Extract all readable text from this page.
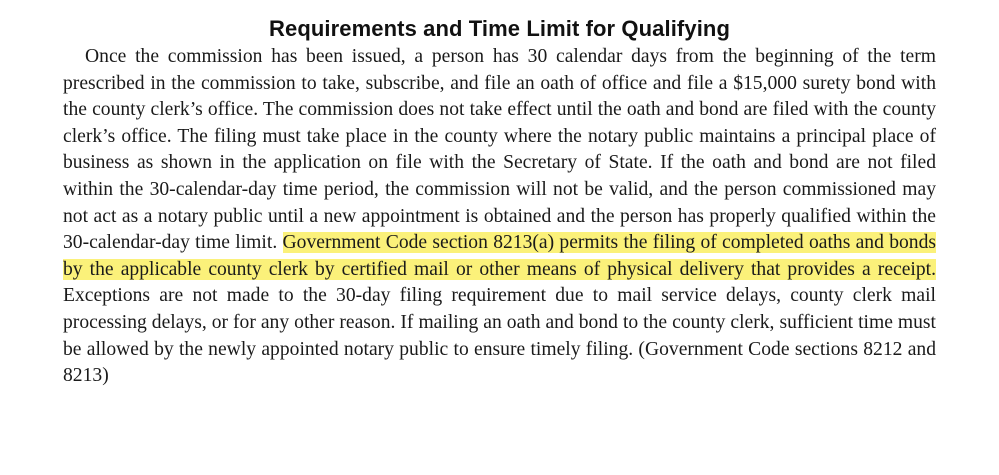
Requirements and Time Limit for Qualifying

Once the commission has been issued, a person has 30 calendar days from the beginning of the term prescribed in the commission to take, subscribe, and file an oath of office and file a $15,000 surety bond with the county clerk’s office. The commission does not take effect until the oath and bond are filed with the county clerk’s office. The filing must take place in the county where the notary public maintains a principal place of business as shown in the application on file with the Secretary of State. If the oath and bond are not filed within the 30-calendar-day time period, the commission will not be valid, and the person commissioned may not act as a notary public until a new appointment is obtained and the person has properly qualified within the 30-calendar-day time limit. Government Code section 8213(a) permits the filing of completed oaths and bonds by the applicable county clerk by certified mail or other means of physical delivery that provides a receipt. Exceptions are not made to the 30-day filing requirement due to mail service delays, county clerk mail processing delays, or for any other reason. If mailing an oath and bond to the county clerk, sufficient time must be allowed by the newly appointed notary public to ensure timely filing. (Government Code sections 8212 and 8213)
